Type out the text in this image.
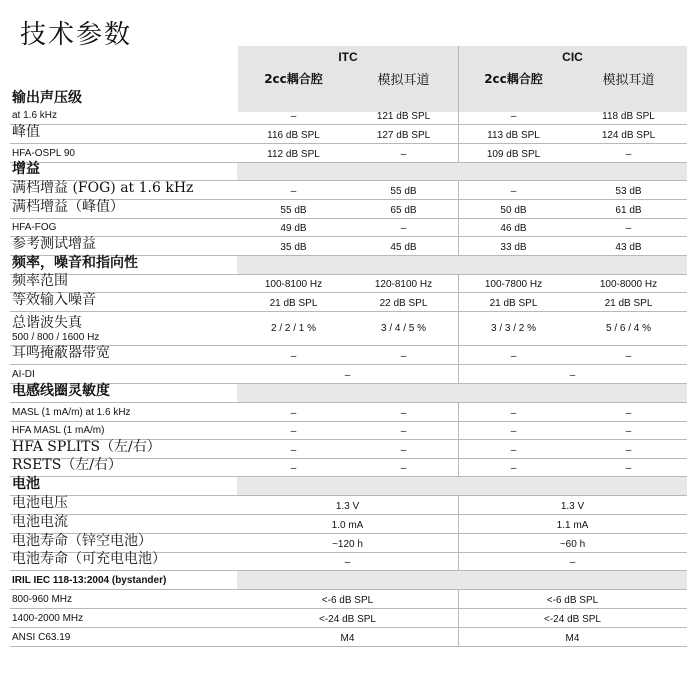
技术参数
ITC	CIC
2cc耦合腔	模拟耳道	2cc耦合腔	模拟耳道
输出声压级
at 1.6 kHz	–	121 dB SPL	–	118 dB SPL
峰值	116 dB SPL	127 dB SPL	113 dB SPL	124 dB SPL
HFA-OSPL 90	112 dB SPL	–	109 dB SPL	–
增益
满档增益 (FOG) at 1.6 kHz	–	55 dB	–	53 dB
满档增益（峰值）	55 dB	65 dB	50 dB	61 dB
HFA-FOG	49 dB	–	46 dB	–
参考测试增益	35 dB	45 dB	33 dB	43 dB
频率，噪音和指向性
频率范围	100-8100 Hz	120-8100 Hz	100-7800 Hz	100-8000 Hz
等效输入噪音	21 dB SPL	22 dB SPL	21 dB SPL	21 dB SPL
总谐波失真
500 / 800 / 1600 Hz
2 / 2 / 1 %	3 / 4 / 5 %	3 / 3 / 2 %	5 / 6 / 4 %
耳鸣掩蔽器带宽	–	–	–	–
AI-DI	–	–
电感线圈灵敏度
MASL (1 mA/m) at 1.6 kHz	–	–	–	–
HFA MASL (1 mA/m)	–	–	–	–
HFA SPLITS（左/右）	–	–	–	–
RSETS（左/右）	–	–	–	–
电池
电池电压	1.3 V	1.3 V
电池电流	1.0 mA	1.1 mA
电池寿命（锌空电池）	~120 h	~60 h
电池寿命（可充电电池）	–	–
IRIL IEC 118-13:2004 (bystander)
800-960 MHz	<-6 dB SPL	<-6 dB SPL
1400-2000 MHz	<-24 dB SPL	<-24 dB SPL
ANSI C63.19	M4	M4
